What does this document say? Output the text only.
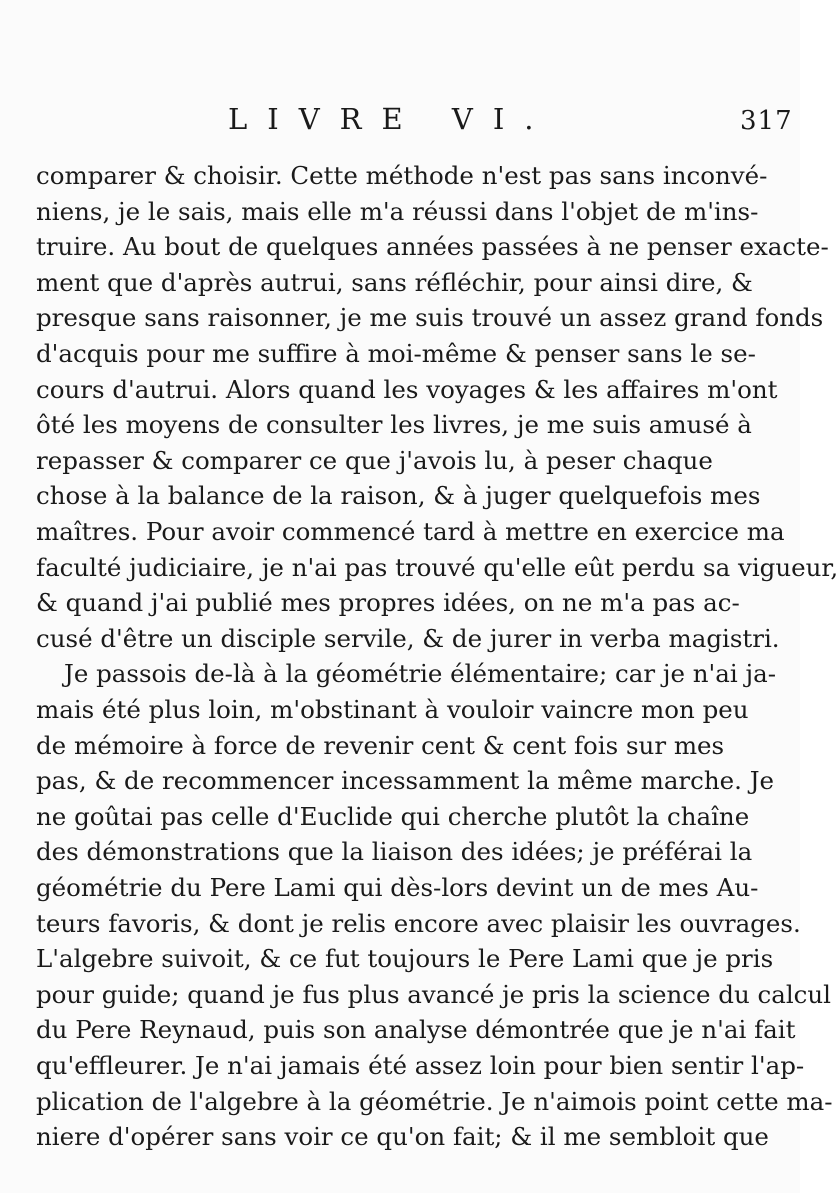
LIVRE VI.	317
comparer & choisir. Cette méthode n'est pas sans inconvé-
niens, je le sais, mais elle m'a réussi dans l'objet de m'ins-
truire. Au bout de quelques années passées à ne penser exacte-
ment que d'après autrui, sans réfléchir, pour ainsi dire, &
presque sans raisonner, je me suis trouvé un assez grand fonds
d'acquis pour me suffire à moi-même & penser sans le se-
cours d'autrui. Alors quand les voyages & les affaires m'ont
ôté les moyens de consulter les livres, je me suis amusé à
repasser & comparer ce que j'avois lu, à peser chaque
chose à la balance de la raison, & à juger quelquefois mes
maîtres. Pour avoir commencé tard à mettre en exercice ma
faculté judiciaire, je n'ai pas trouvé qu'elle eût perdu sa vigueur,
& quand j'ai publié mes propres idées, on ne m'a pas ac-
cusé d'être un disciple servile, & de jurer in verba magistri.
Je passois de-là à la géométrie élémentaire; car je n'ai ja-
mais été plus loin, m'obstinant à vouloir vaincre mon peu
de mémoire à force de revenir cent & cent fois sur mes
pas, & de recommencer incessamment la même marche. Je
ne goûtai pas celle d'Euclide qui cherche plutôt la chaîne
des démonstrations que la liaison des idées; je préférai la
géométrie du Pere Lami qui dès-lors devint un de mes Au-
teurs favoris, & dont je relis encore avec plaisir les ouvrages.
L'algebre suivoit, & ce fut toujours le Pere Lami que je pris
pour guide; quand je fus plus avancé je pris la science du calcul
du Pere Reynaud, puis son analyse démontrée que je n'ai fait
qu'effleurer. Je n'ai jamais été assez loin pour bien sentir l'ap-
plication de l'algebre à la géométrie. Je n'aimois point cette ma-
niere d'opérer sans voir ce qu'on fait; & il me sembloit que
